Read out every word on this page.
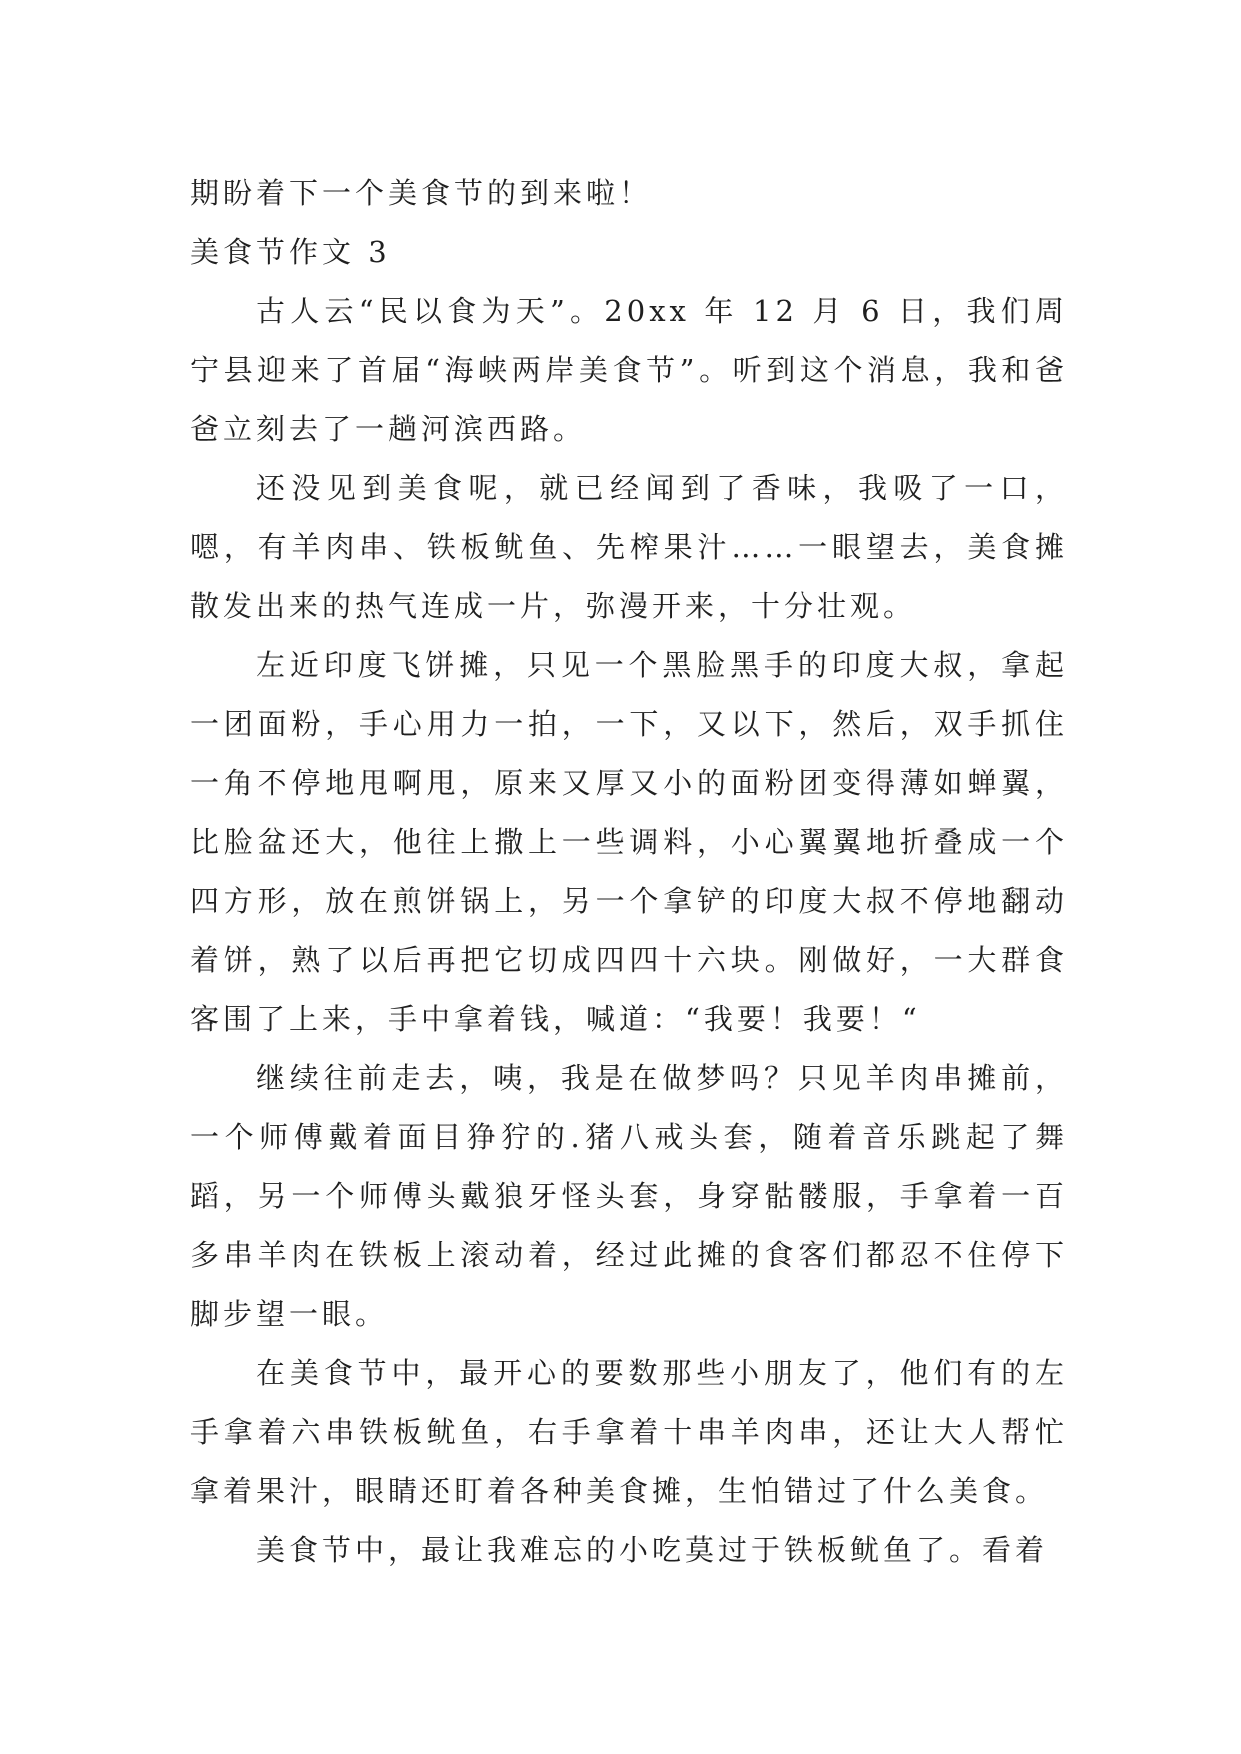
期盼着下一个美食节的到来啦！

美食节作文 3

古人云“民以食为天”。20xx 年 12 月 6 日，我们周宁县迎来了首届“海峡两岸美食节”。听到这个消息，我和爸爸立刻去了一趟河滨西路。

还没见到美食呢，就已经闻到了香味，我吸了一口，嗯，有羊肉串、铁板鱿鱼、先榨果汁……一眼望去，美食摊散发出来的热气连成一片，弥漫开来，十分壮观。

左近印度飞饼摊，只见一个黑脸黑手的印度大叔，拿起一团面粉，手心用力一拍，一下，又以下，然后，双手抓住一角不停地甩啊甩，原来又厚又小的面粉团变得薄如蝉翼，比脸盆还大，他往上撒上一些调料，小心翼翼地折叠成一个四方形，放在煎饼锅上，另一个拿铲的印度大叔不停地翻动着饼，熟了以后再把它切成四四十六块。刚做好，一大群食客围了上来，手中拿着钱，喊道：“我要！我要！“

继续往前走去，咦，我是在做梦吗？只见羊肉串摊前，一个师傅戴着面目狰狞的.猪八戒头套，随着音乐跳起了舞蹈，另一个师傅头戴狼牙怪头套，身穿骷髅服，手拿着一百多串羊肉在铁板上滚动着，经过此摊的食客们都忍不住停下脚步望一眼。

在美食节中，最开心的要数那些小朋友了，他们有的左手拿着六串铁板鱿鱼，右手拿着十串羊肉串，还让大人帮忙拿着果汁，眼睛还盯着各种美食摊，生怕错过了什么美食。

美食节中，最让我难忘的小吃莫过于铁板鱿鱼了。看着
